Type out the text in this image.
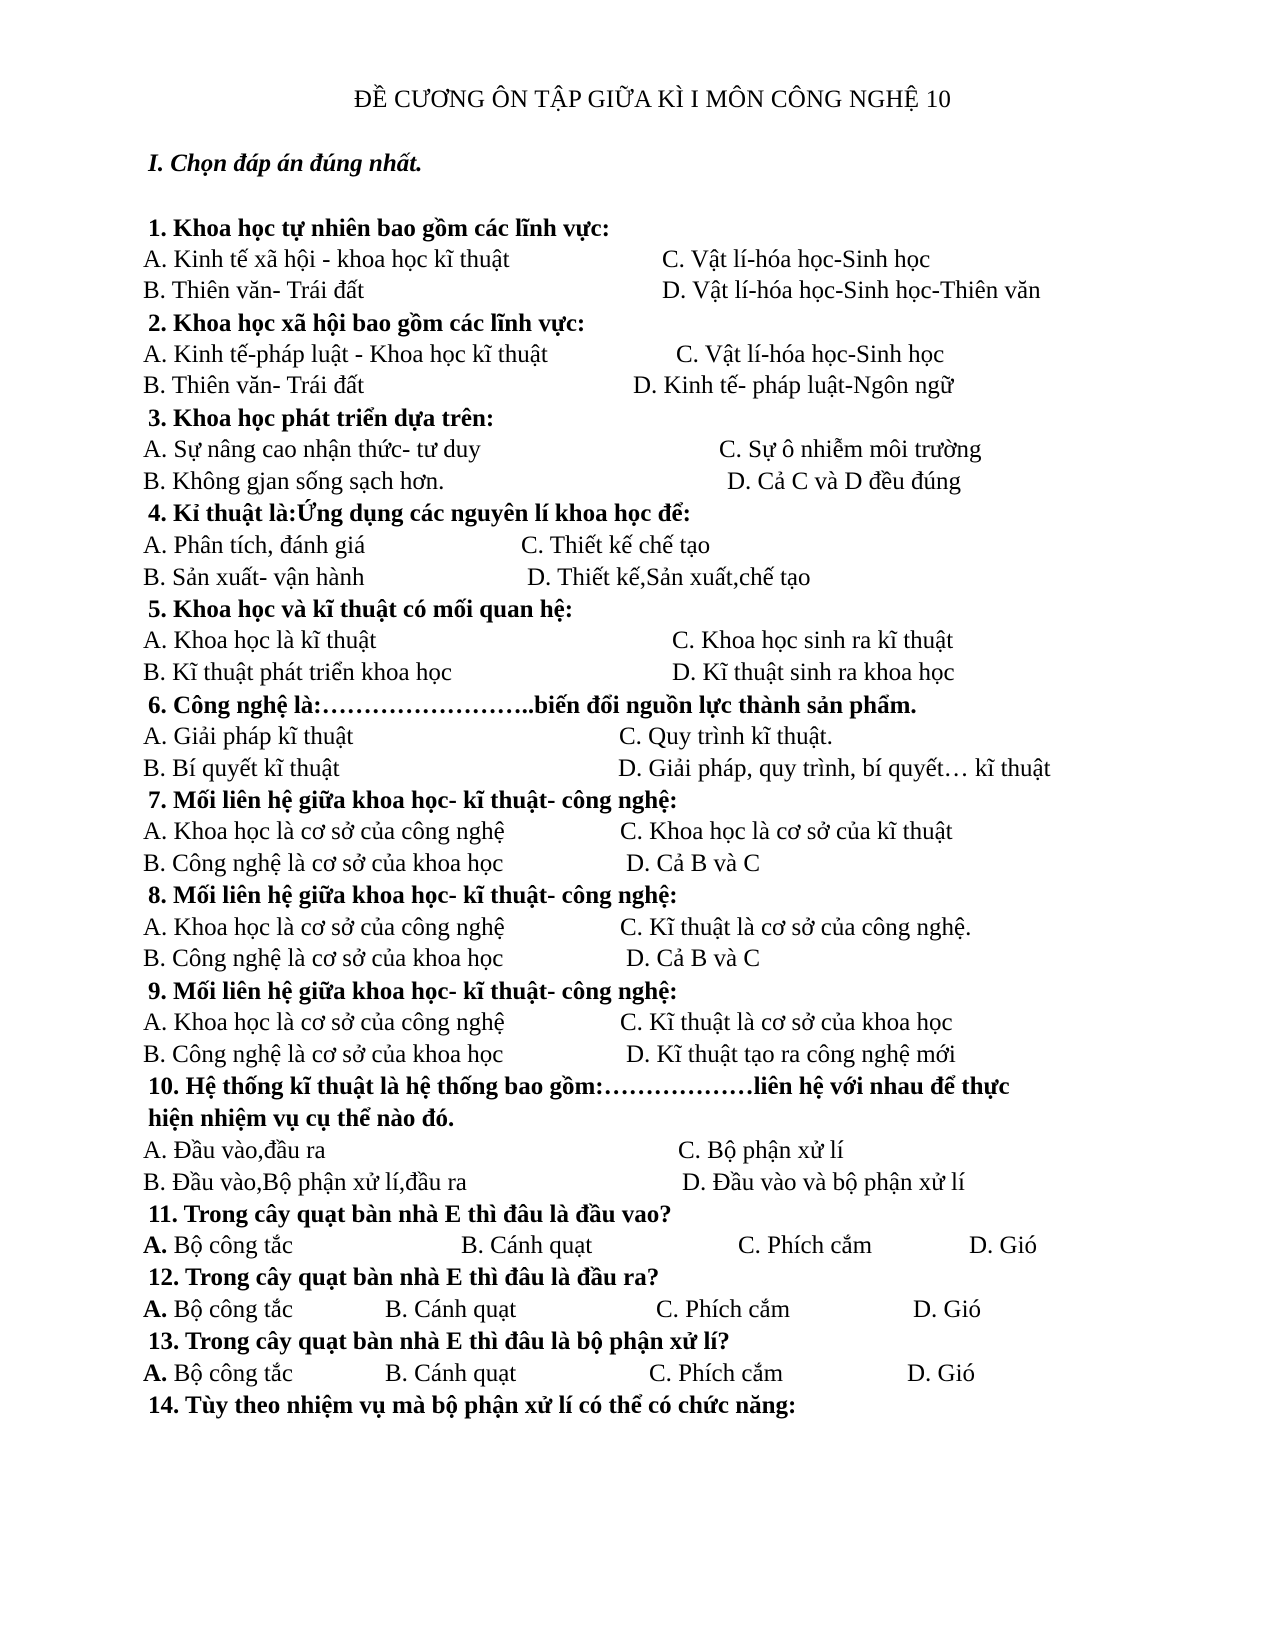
ĐỀ CƯƠNG ÔN TẬP GIỮA KÌ I MÔN CÔNG NGHỆ 10
I. Chọn đáp án đúng nhất.
1. Khoa học tự nhiên bao gồm các lĩnh vực:
A. Kinh tế xã hội - khoa học kĩ thuật	C. Vật lí-hóa học-Sinh học
B. Thiên văn- Trái đất	D. Vật lí-hóa học-Sinh học-Thiên văn
2. Khoa học xã hội bao gồm các lĩnh vực:
A. Kinh tế-pháp luật - Khoa học kĩ thuật	C. Vật lí-hóa học-Sinh học
B. Thiên văn- Trái đất	D. Kinh tế- pháp luật-Ngôn ngữ
3. Khoa học phát triển dựa trên:
A. Sự nâng cao nhận thức- tư duy	C. Sự ô nhiễm môi trường
B. Không gjan sống sạch hơn.	D. Cả C và D đều đúng
4. Kỉ thuật là:Ứng dụng các nguyên lí khoa học để:
A. Phân tích, đánh giá	C. Thiết kế chế tạo
B. Sản xuất- vận hành	D. Thiết kế,Sản xuất,chế tạo
5. Khoa học và kĩ thuật có mối quan hệ:
A. Khoa học là kĩ thuật	C. Khoa học sinh ra kĩ thuật
B. Kĩ thuật phát triển khoa học	D. Kĩ thuật sinh ra khoa học
6. Công nghệ là:……………………..biến đổi nguồn lực thành sản phẩm.
A. Giải pháp kĩ thuật	C. Quy trình kĩ thuật.
B. Bí quyết kĩ thuật	D. Giải pháp, quy trình, bí quyết… kĩ thuật
7. Mối liên hệ giữa khoa học- kĩ thuật- công nghệ:
A. Khoa học là cơ sở của công nghệ	C. Khoa học là cơ sở của kĩ thuật
B. Công nghệ là cơ sở của khoa học	D. Cả B và C
8. Mối liên hệ giữa khoa học- kĩ thuật- công nghệ:
A. Khoa học là cơ sở của công nghệ	C. Kĩ thuật là cơ sở của công nghệ.
B. Công nghệ là cơ sở của khoa học	D. Cả B và C
9. Mối liên hệ giữa khoa học- kĩ thuật- công nghệ:
A. Khoa học là cơ sở của công nghệ	C. Kĩ thuật là cơ sở của khoa học
B. Công nghệ là cơ sở của khoa học	D. Kĩ thuật tạo ra công nghệ mới
10. Hệ thống kĩ thuật là hệ thống bao gồm:………………liên hệ với nhau để thực
hiện nhiệm vụ cụ thể nào đó.
A. Đầu vào,đầu ra	C. Bộ phận xử lí
B. Đầu vào,Bộ phận xử lí,đầu ra	D. Đầu vào và bộ phận xử lí
11. Trong cây quạt bàn nhà E thì đâu là đầu vao?
A. Bộ công tắc	B. Cánh quạt	C. Phích cắm	D. Gió
12. Trong cây quạt bàn nhà E thì đâu là đầu ra?
A. Bộ công tắc	B. Cánh quạt	C. Phích cắm	D. Gió
13. Trong cây quạt bàn nhà E thì đâu là bộ phận xử lí?
A. Bộ công tắc	B. Cánh quạt	C. Phích cắm	D. Gió
14. Tùy theo nhiệm vụ mà bộ phận xử lí có thể có chức năng:
